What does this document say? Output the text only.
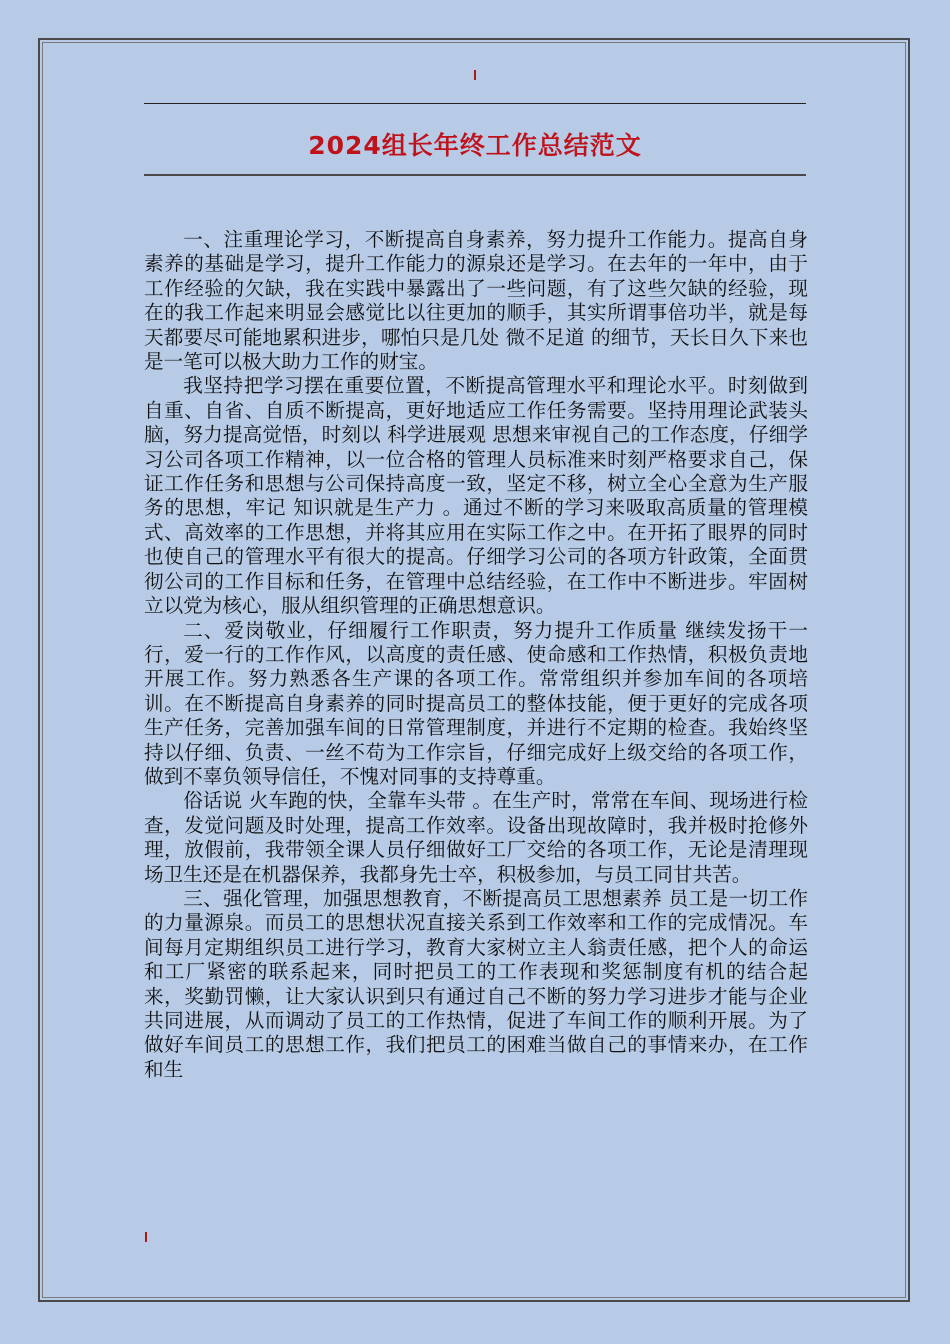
2024组长年终工作总结范文

一、注重理论学习，不断提高自身素养，努力提升工作能力。提高自身素养的基础是学习，提升工作能力的源泉还是学习。在去年的一年中，由于工作经验的欠缺，我在实践中暴露出了一些问题，有了这些欠缺的经验，现在的我工作起来明显会感觉比以往更加的顺手，其实所谓事倍功半，就是每天都要尽可能地累积进步，哪怕只是几处 微不足道 的细节，天长日久下来也是一笔可以极大助力工作的财宝。

我坚持把学习摆在重要位置，不断提高管理水平和理论水平。时刻做到自重、自省、自质不断提高，更好地适应工作任务需要。坚持用理论武装头脑，努力提高觉悟，时刻以 科学进展观 思想来审视自己的工作态度，仔细学习公司各项工作精神，以一位合格的管理人员标准来时刻严格要求自己，保证工作任务和思想与公司保持高度一致，坚定不移，树立全心全意为生产服务的思想，牢记 知识就是生产力 。通过不断的学习来吸取高质量的管理模式、高效率的工作思想，并将其应用在实际工作之中。在开拓了眼界的同时也使自己的管理水平有很大的提高。仔细学习公司的各项方针政策，全面贯彻公司的工作目标和任务，在管理中总结经验，在工作中不断进步。牢固树立以党为核心，服从组织管理的正确思想意识。

二、爱岗敬业，仔细履行工作职责，努力提升工作质量 继续发扬干一行，爱一行的工作作风，以高度的责任感、使命感和工作热情，积极负责地开展工作。努力熟悉各生产课的各项工作。常常组织并参加车间的各项培训。在不断提高自身素养的同时提高员工的整体技能，便于更好的完成各项生产任务，完善加强车间的日常管理制度，并进行不定期的检查。我始终坚持以仔细、负责、一丝不苟为工作宗旨，仔细完成好上级交给的各项工作，做到不辜负领导信任，不愧对同事的支持尊重。

俗话说 火车跑的快，全靠车头带 。在生产时，常常在车间、现场进行检查，发觉问题及时处理，提高工作效率。设备出现故障时，我并极时抢修外理，放假前，我带领全课人员仔细做好工厂交给的各项工作，无论是清理现场卫生还是在机器保养，我都身先士卒，积极参加，与员工同甘共苦。

三、强化管理，加强思想教育，不断提高员工思想素养 员工是一切工作的力量源泉。而员工的思想状况直接关系到工作效率和工作的完成情况。车间每月定期组织员工进行学习，教育大家树立主人翁责任感，把个人的命运和工厂紧密的联系起来，同时把员工的工作表现和奖惩制度有机的结合起来，奖勤罚懒，让大家认识到只有通过自己不断的努力学习进步才能与企业共同进展，从而调动了员工的工作热情，促进了车间工作的顺利开展。为了做好车间员工的思想工作，我们把员工的困难当做自己的事情来办，在工作和生
